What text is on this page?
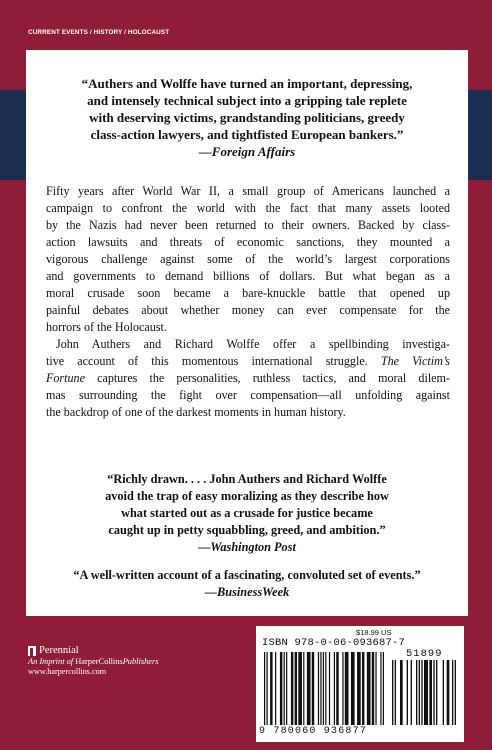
CURRENT EVENTS / HISTORY / HOLOCAUST
“Authers and Wolffe have turned an important, depressing,
and intensely technical subject into a gripping tale replete
with deserving victims, grandstanding politicians, greedy
class-action lawyers, and tightfisted European bankers.”
—Foreign Affairs

Fifty years after World War II, a small group of Americans launched a
campaign to confront the world with the fact that many assets looted
by the Nazis had never been returned to their owners. Backed by class-
action lawsuits and threats of economic sanctions, they mounted a
vigorous challenge against some of the world’s largest corporations
and governments to demand billions of dollars. But what began as a
moral crusade soon became a bare-knuckle battle that opened up
painful debates about whether money can ever compensate for the
horrors of the Holocaust.

John Authers and Richard Wolffe offer a spellbinding investiga-
tive account of this momentous international struggle. The Victim’s
Fortune captures the personalities, ruthless tactics, and moral dilem-
mas surrounding the fight over compensation—all unfolding against
the backdrop of one of the darkest moments in human history.

“Richly drawn. . . . John Authers and Richard Wolffe
avoid the trap of easy moralizing as they describe how
what started out as a crusade for justice became
caught up in petty squabbling, greed, and ambition.”
—Washington Post
“A well-written account of a fascinating, convoluted set of events.”
—BusinessWeek
Perennial
An Imprint of HarperCollinsPublishers
www.harpercollins.com
$18.99 US
ISBN 978-0-06-093687-7
51899
9 780060 936877
